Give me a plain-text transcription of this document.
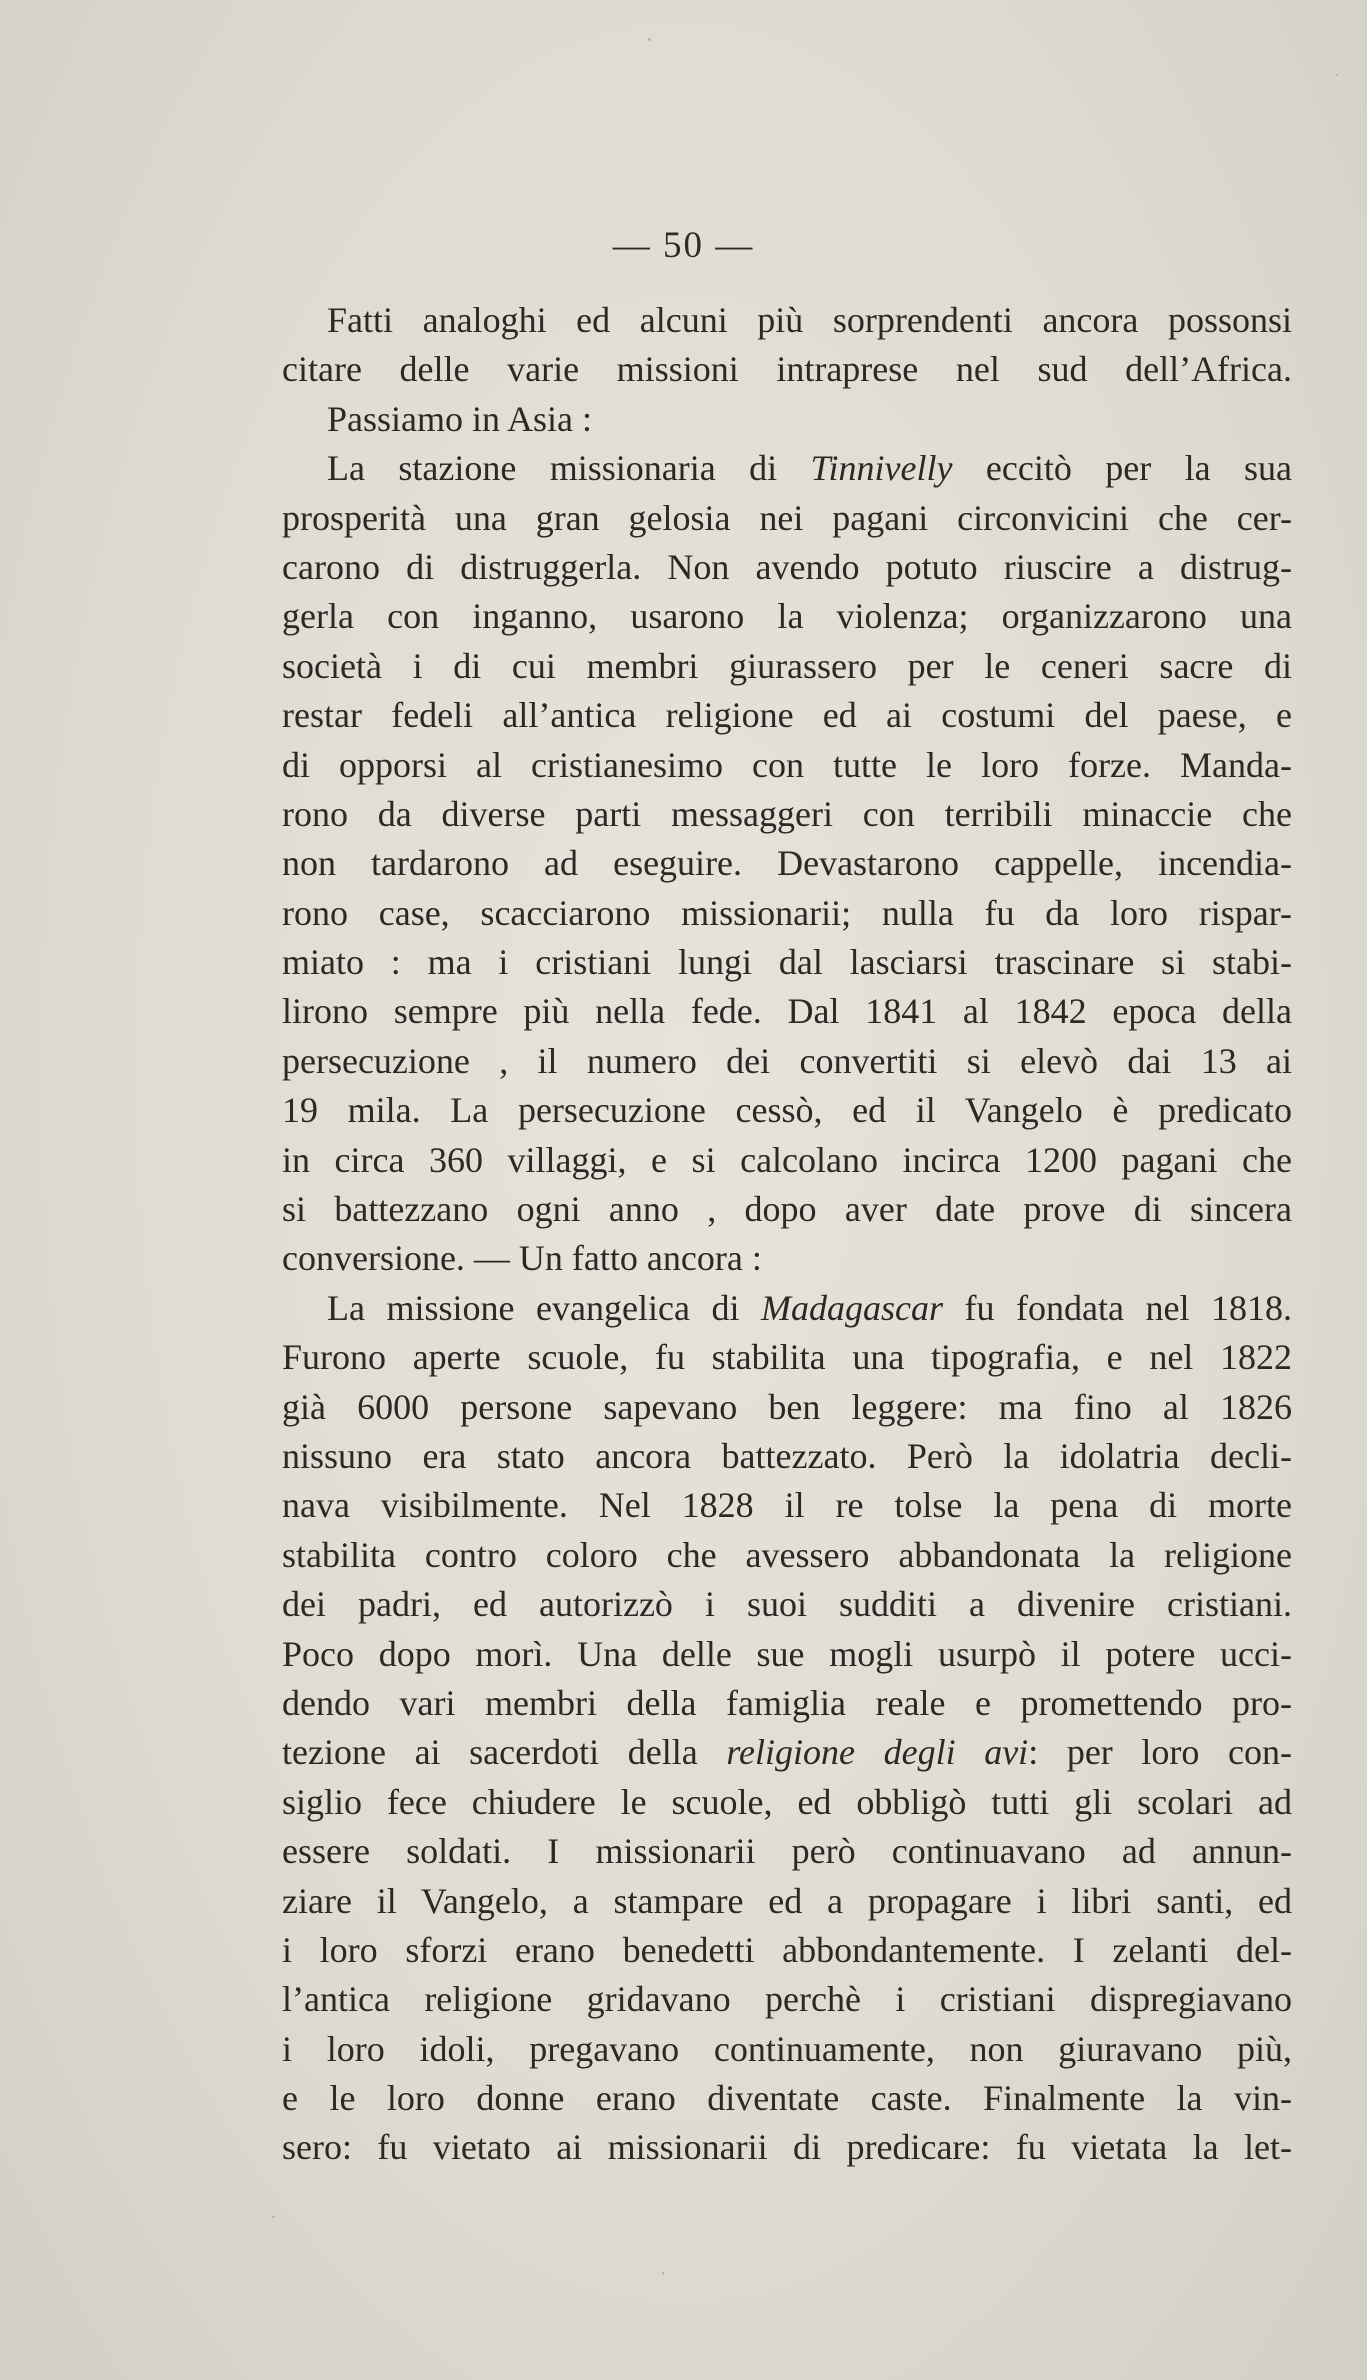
— 50 —
Fatti analoghi ed alcuni più sorprendenti ancora possonsi
citare delle varie missioni intraprese nel sud dell’Africa.
Passiamo in Asia :
La stazione missionaria di Tinnivelly eccitò per la sua
prosperità una gran gelosia nei pagani circonvicini che cer-
carono di distruggerla. Non avendo potuto riuscire a distrug-
gerla con inganno, usarono la violenza; organizzarono una
società i di cui membri giurassero per le ceneri sacre di
restar fedeli all’antica religione ed ai costumi del paese, e
di opporsi al cristianesimo con tutte le loro forze. Manda-
rono da diverse parti messaggeri con terribili minaccie che
non tardarono ad eseguire. Devastarono cappelle, incendia-
rono case, scacciarono missionarii; nulla fu da loro rispar-
miato : ma i cristiani lungi dal lasciarsi trascinare si stabi-
lirono sempre più nella fede. Dal 1841 al 1842 epoca della
persecuzione , il numero dei convertiti si elevò dai 13 ai
19 mila. La persecuzione cessò, ed il Vangelo è predicato
in circa 360 villaggi, e si calcolano incirca 1200 pagani che
si battezzano ogni anno , dopo aver date prove di sincera
conversione. — Un fatto ancora :
La missione evangelica di Madagascar fu fondata nel 1818.
Furono aperte scuole, fu stabilita una tipografia, e nel 1822
già 6000 persone sapevano ben leggere: ma fino al 1826
nissuno era stato ancora battezzato. Però la idolatria decli-
nava visibilmente. Nel 1828 il re tolse la pena di morte
stabilita contro coloro che avessero abbandonata la religione
dei padri, ed autorizzò i suoi sudditi a divenire cristiani.
Poco dopo morì. Una delle sue mogli usurpò il potere ucci-
dendo vari membri della famiglia reale e promettendo pro-
tezione ai sacerdoti della religione degli avi: per loro con-
siglio fece chiudere le scuole, ed obbligò tutti gli scolari ad
essere soldati. I missionarii però continuavano ad annun-
ziare il Vangelo, a stampare ed a propagare i libri santi, ed
i loro sforzi erano benedetti abbondantemente. I zelanti del-
l’antica religione gridavano perchè i cristiani dispregiavano
i loro idoli, pregavano continuamente, non giuravano più,
e le loro donne erano diventate caste. Finalmente la vin-
sero: fu vietato ai missionarii di predicare: fu vietata la let-
